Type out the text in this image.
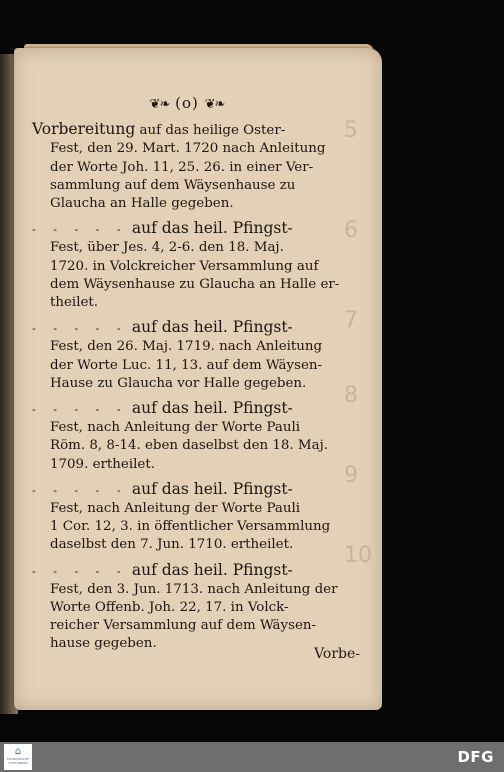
❦❧ (o) ❦❧

Vorbereitung auf das heilige Oster-

Fest, den 29. Mart. 1720 nach Anleitung

der Worte Joh. 11, 25. 26. in einer Ver-

sammlung auf dem Wäysenhause zu

Glaucha an Halle gegeben.

- - - - - auf das heil. Pfingst-

Fest, über Jes. 4, 2-6. den 18. Maj.

1720. in Volckreicher Versammlung auf

dem Wäysenhause zu Glaucha an Halle er-

theilet.

- - - - - auf das heil. Pfingst-

Fest, den 26. Maj. 1719. nach Anleitung

der Worte Luc. 11, 13. auf dem Wäysen-

Hause zu Glaucha vor Halle gegeben.

- - - - - auf das heil. Pfingst-

Fest, nach Anleitung der Worte Pauli

Röm. 8, 8-14. eben daselbst den 18. Maj.

1709. ertheilet.

- - - - - auf das heil. Pfingst-

Fest, nach Anleitung der Worte Pauli

1 Cor. 12, 3. in öffentlicher Versammlung

daselbst den 7. Jun. 1710. ertheilet.

- - - - - auf das heil. Pfingst-

Fest, den 3. Jun. 1713. nach Anleitung der

Worte Offenb. Joh. 22, 17. in Volck-

reicher Versammlung auf dem Wäysen-

hause gegeben.

5
6
7
8
9
10
Vorbe-
⌂
FRANCKESCHE STIFTUNGEN	DFG
